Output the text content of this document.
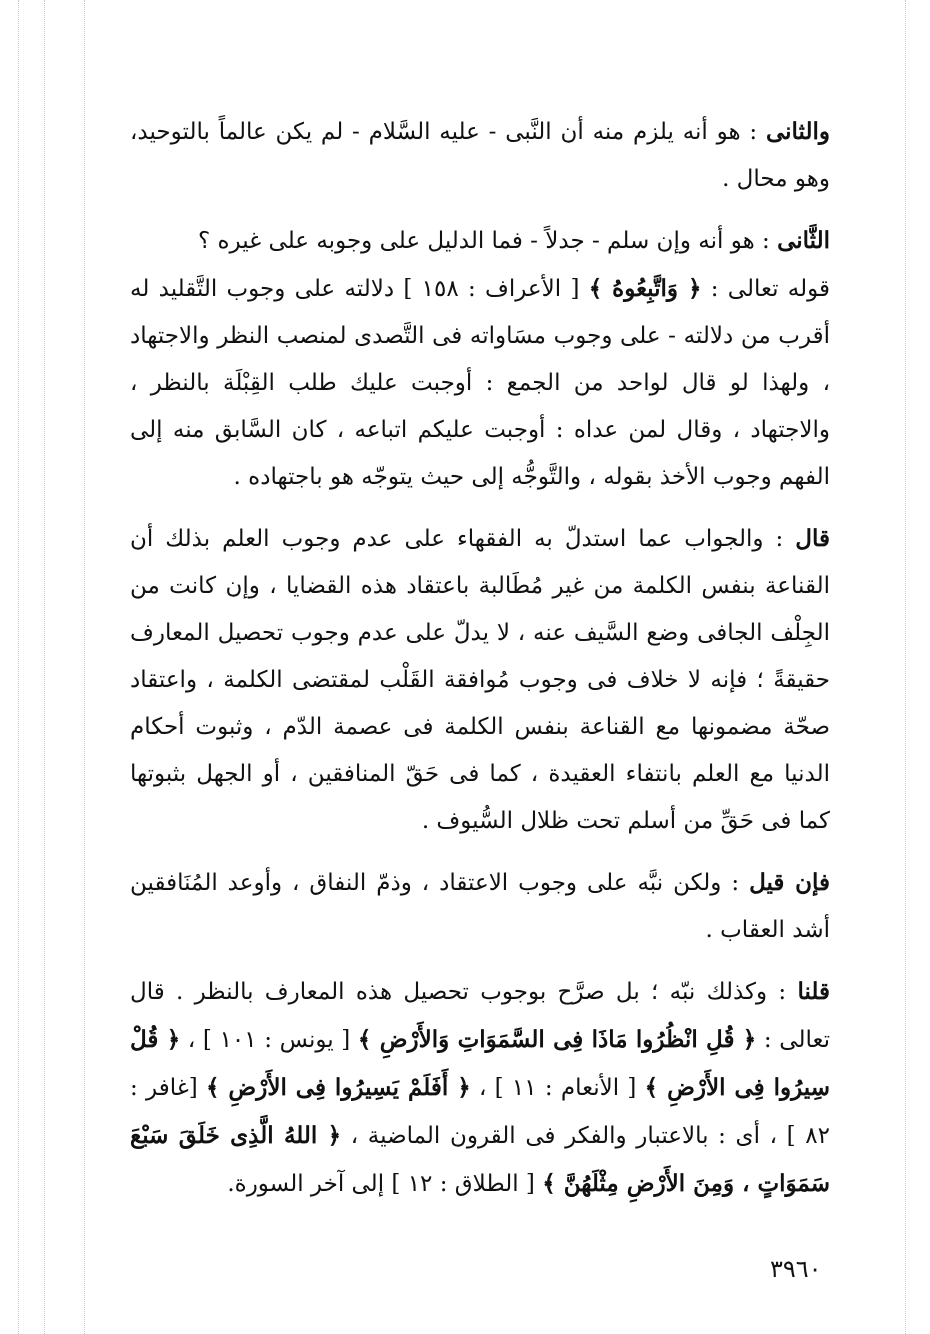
والثانى : هو أنه يلزم منه أن النَّبى - عليه السَّلام - لم يكن عالماً بالتوحيد، وهو محال .

الثَّانى : هو أنه وإن سلم - جدلاً - فما الدليل على وجوبه على غيره ؟

قوله تعالى : ﴿ وَاتَّبِعُوهُ ﴾ [ الأعراف : ١٥٨ ] دلالته على وجوب التَّقليد له أقرب من دلالته - على وجوب مسَاواته فى التَّصدى لمنصب النظر والاجتهاد ، ولهذا لو قال لواحد من الجمع : أوجبت عليك طلب القِبْلَة بالنظر ، والاجتهاد ، وقال لمن عداه : أوجبت عليكم اتباعه ، كان السَّابق منه إلى الفهم وجوب الأخذ بقوله ، والتَّوجُّه إلى حيث يتوجّه هو باجتهاده .

قال : والجواب عما استدلّ به الفقهاء على عدم وجوب العلم بذلك أن القناعة بنفس الكلمة من غير مُطَالبة باعتقاد هذه القضايا ، وإن كانت من الجِلْف الجافى وضع السَّيف عنه ، لا يدلّ على عدم وجوب تحصيل المعارف حقيقةً ؛ فإنه لا خلاف فى وجوب مُوافقة القَلْب لمقتضى الكلمة ، واعتقاد صحّة مضمونها مع القناعة بنفس الكلمة فى عصمة الدّم ، وثبوت أحكام الدنيا مع العلم بانتفاء العقيدة ، كما فى حَقّ المنافقين ، أو الجهل بثبوتها كما فى حَقِّ من أسلم تحت ظلال السُّيوف .

فإن قيل : ولكن نبَّه على وجوب الاعتقاد ، وذمّ النفاق ، وأوعد المُنَافقين أشد العقاب .

قلنا : وكذلك نبّه ؛ بل صرَّح بوجوب تحصيل هذه المعارف بالنظر . قال تعالى : ﴿ قُلِ انْظُرُوا مَاذَا فِى السَّمَوَاتِ وَالأَرْضِ ﴾ [ يونس : ١٠١ ] ، ﴿ قُلْ سِيرُوا فِى الأَرْضِ ﴾ [ الأنعام : ١١ ] ، ﴿ أَفَلَمْ يَسِيرُوا فِى الأَرْضِ ﴾ [غافر : ٨٢ ] ، أى : بالاعتبار والفكر فى القرون الماضية ، ﴿ اللهُ الَّذِى خَلَقَ سَبْعَ سَمَوَاتٍ ، وَمِنَ الأَرْضِ مِثْلَهُنَّ ﴾ [ الطلاق : ١٢ ] إلى آخر السورة.

٣٩٦٠
